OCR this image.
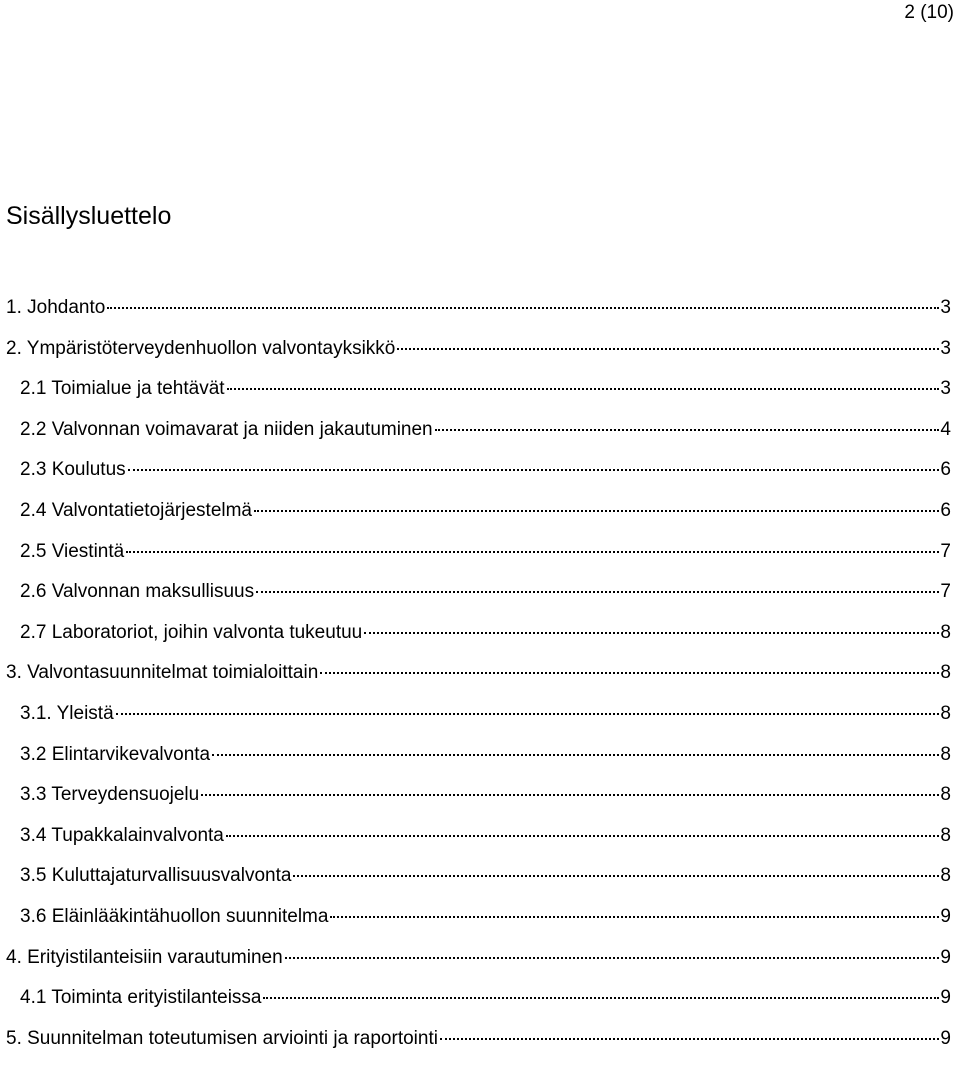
2 (10)
Sisällysluettelo
1. Johdanto	3
2. Ympäristöterveydenhuollon valvontayksikkö	3
2.1 Toimialue ja tehtävät	3
2.2 Valvonnan voimavarat ja niiden jakautuminen	4
2.3 Koulutus	6
2.4 Valvontatietojärjestelmä	6
2.5 Viestintä	7
2.6 Valvonnan maksullisuus	7
2.7 Laboratoriot, joihin valvonta tukeutuu	8
3. Valvontasuunnitelmat toimialoittain	8
3.1. Yleistä	8
3.2 Elintarvikevalvonta	8
3.3 Terveydensuojelu	8
3.4 Tupakkalainvalvonta	8
3.5 Kuluttajaturvallisuusvalvonta	8
3.6 Eläinlääkintähuollon suunnitelma	9
4. Erityistilanteisiin varautuminen	9
4.1 Toiminta erityistilanteissa	9
5. Suunnitelman toteutumisen arviointi ja raportointi	9
